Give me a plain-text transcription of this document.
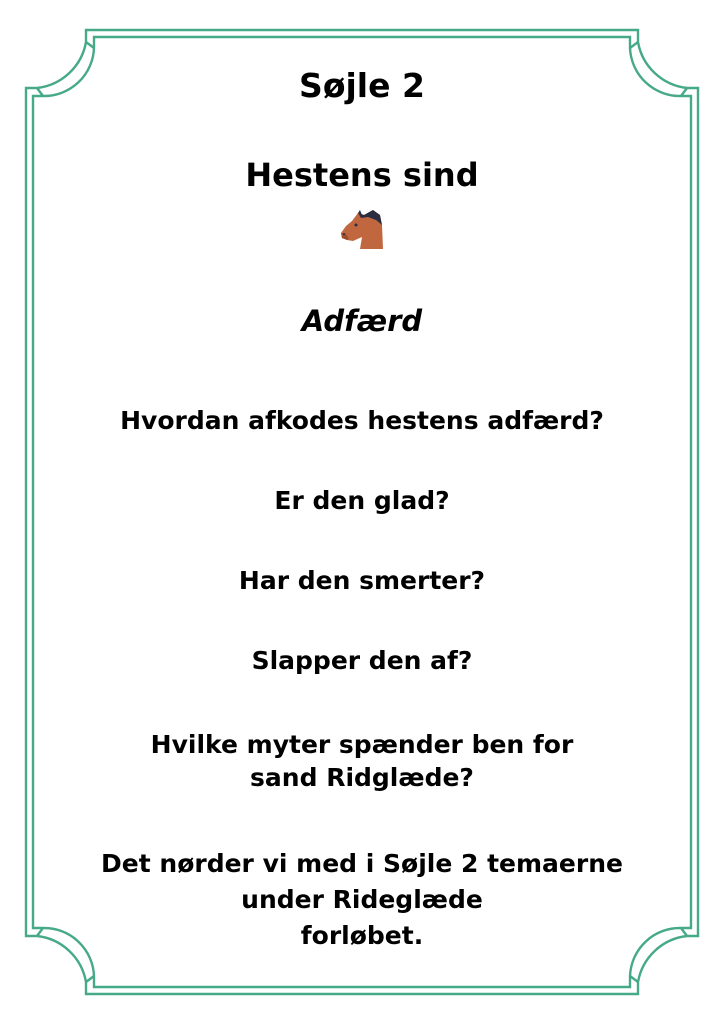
Søjle 2
Hestens sind

Adfærd

Hvordan afkodes hestens adfærd?

Er den glad?

Har den smerter?

Slapper den af?

Hvilke myter spænder ben for
sand Ridglæde?

Det nørder vi med i Søjle 2 temaerne
under Rideglæde
forløbet.
